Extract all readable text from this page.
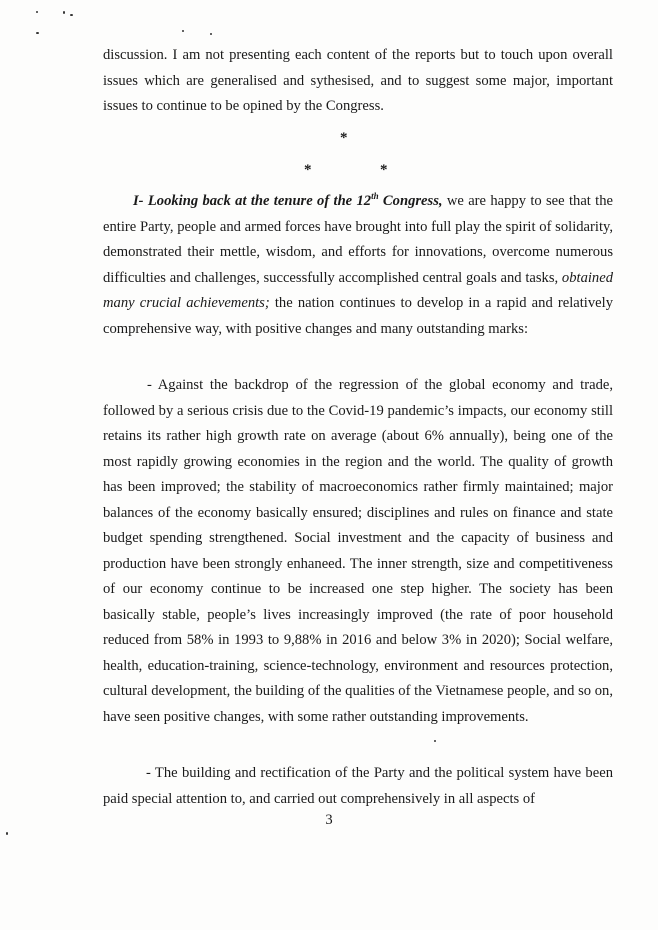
discussion. I am not presenting each content of the reports but to touch upon overall issues which are generalised and sythesised, and to suggest some major, important issues to continue to be opined by the Congress.

*
*	*

I- Looking back at the tenure of the 12th Congress, we are happy to see that the entire Party, people and armed forces have brought into full play the spirit of solidarity, demonstrated their mettle, wisdom, and efforts for innovations, overcome numerous difficulties and challenges, successfully accomplished central goals and tasks, obtained many crucial achievements; the nation continues to develop in a rapid and relatively comprehensive way, with positive changes and many outstanding marks:

- Against the backdrop of the regression of the global economy and trade, followed by a serious crisis due to the Covid-19 pandemic’s impacts, our economy still retains its rather high growth rate on average (about 6% annually), being one of the most rapidly growing economies in the region and the world. The quality of growth has been improved; the stability of macroeconomics rather firmly maintained; major balances of the economy basically ensured; disciplines and rules on finance and state budget spending strengthened. Social investment and the capacity of business and production have been strongly enhaneed. The inner strength, size and competitiveness of our economy continue to be increased one step higher. The society has been basically stable, people’s lives increasingly improved (the rate of poor household reduced from 58% in 1993 to 9,88% in 2016 and below 3% in 2020); Social welfare, health, education-training, science-technology, environment and resources protection, cultural development, the building of the qualities of the Vietnamese people, and so on, have seen positive changes, with some rather outstanding improvements.

- The building and rectification of the Party and the political system have been paid special attention to, and carried out comprehensively in all aspects of

3
